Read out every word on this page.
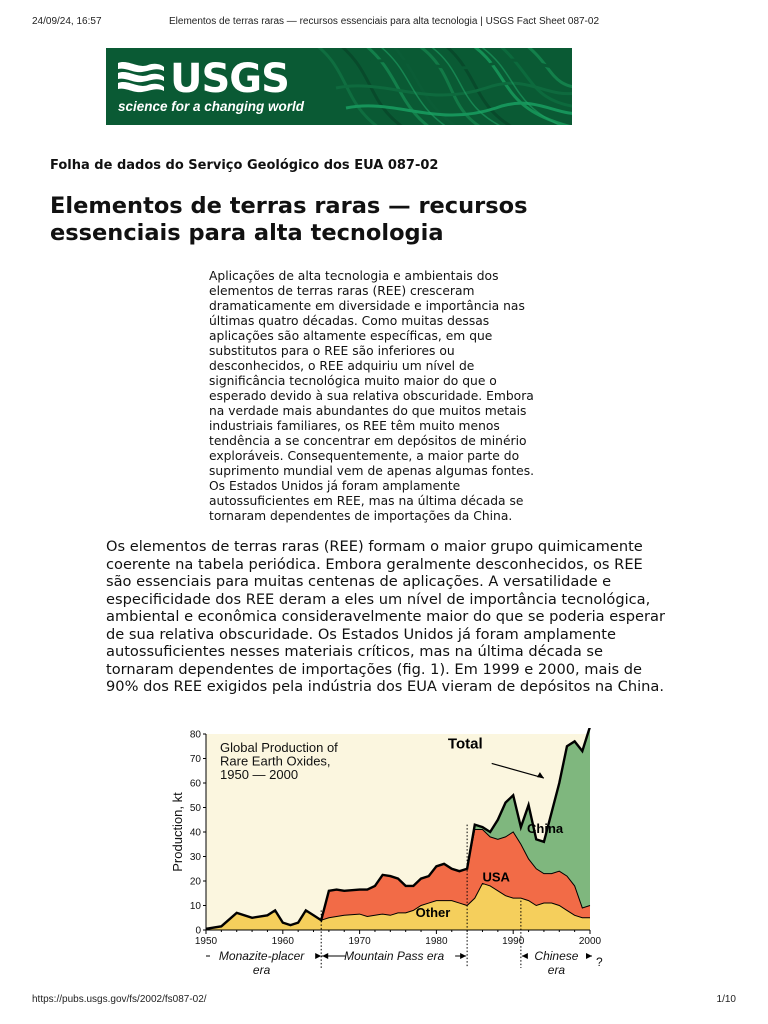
24/09/24, 16:57	Elementos de terras raras — recursos essenciais para alta tecnologia | USGS Fact Sheet 087-02
USGS
science for a changing world
Folha de dados do Serviço Geológico dos EUA 087-02
Elementos de terras raras — recursos essenciais para alta tecnologia

Aplicações de alta tecnologia e ambientais dos elementos de terras raras (REE) cresceram dramaticamente em diversidade e importância nas últimas quatro décadas. Como muitas dessas aplicações são altamente específicas, em que substitutos para o REE são inferiores ou desconhecidos, o REE adquiriu um nível de significância tecnológica muito maior do que o esperado devido à sua relativa obscuridade. Embora na verdade mais abundantes do que muitos metais industriais familiares, os REE têm muito menos tendência a se concentrar em depósitos de minério exploráveis. Consequentemente, a maior parte do suprimento mundial vem de apenas algumas fontes. Os Estados Unidos já foram amplamente autossuficientes em REE, mas na última década se tornaram dependentes de importações da China.

Os elementos de terras raras (REE) formam o maior grupo quimicamente coerente na tabela periódica. Embora geralmente desconhecidos, os REE são essenciais para muitas centenas de aplicações. A versatilidade e especificidade dos REE deram a eles um nível de importância tecnológica, ambiental e econômica consideravelmente maior do que se poderia esperar de sua relativa obscuridade. Os Estados Unidos já foram amplamente autossuficientes nesses materiais críticos, mas na última década se tornaram dependentes de importações (fig. 1). Em 1999 e 2000, mais de 90% dos REE exigidos pela indústria dos EUA vieram de depósitos na China.

0
10
20
30
40
50
60
70
80
1950	1960	1970	1980	1990	2000
Production, kt
Global Production of
Rare Earth Oxides,
1950 — 2000
Total
China
USA
Other
Monazite-placer
era
Mountain Pass era	Chinese
era
?
https://pubs.usgs.gov/fs/2002/fs087-02/	1/10
